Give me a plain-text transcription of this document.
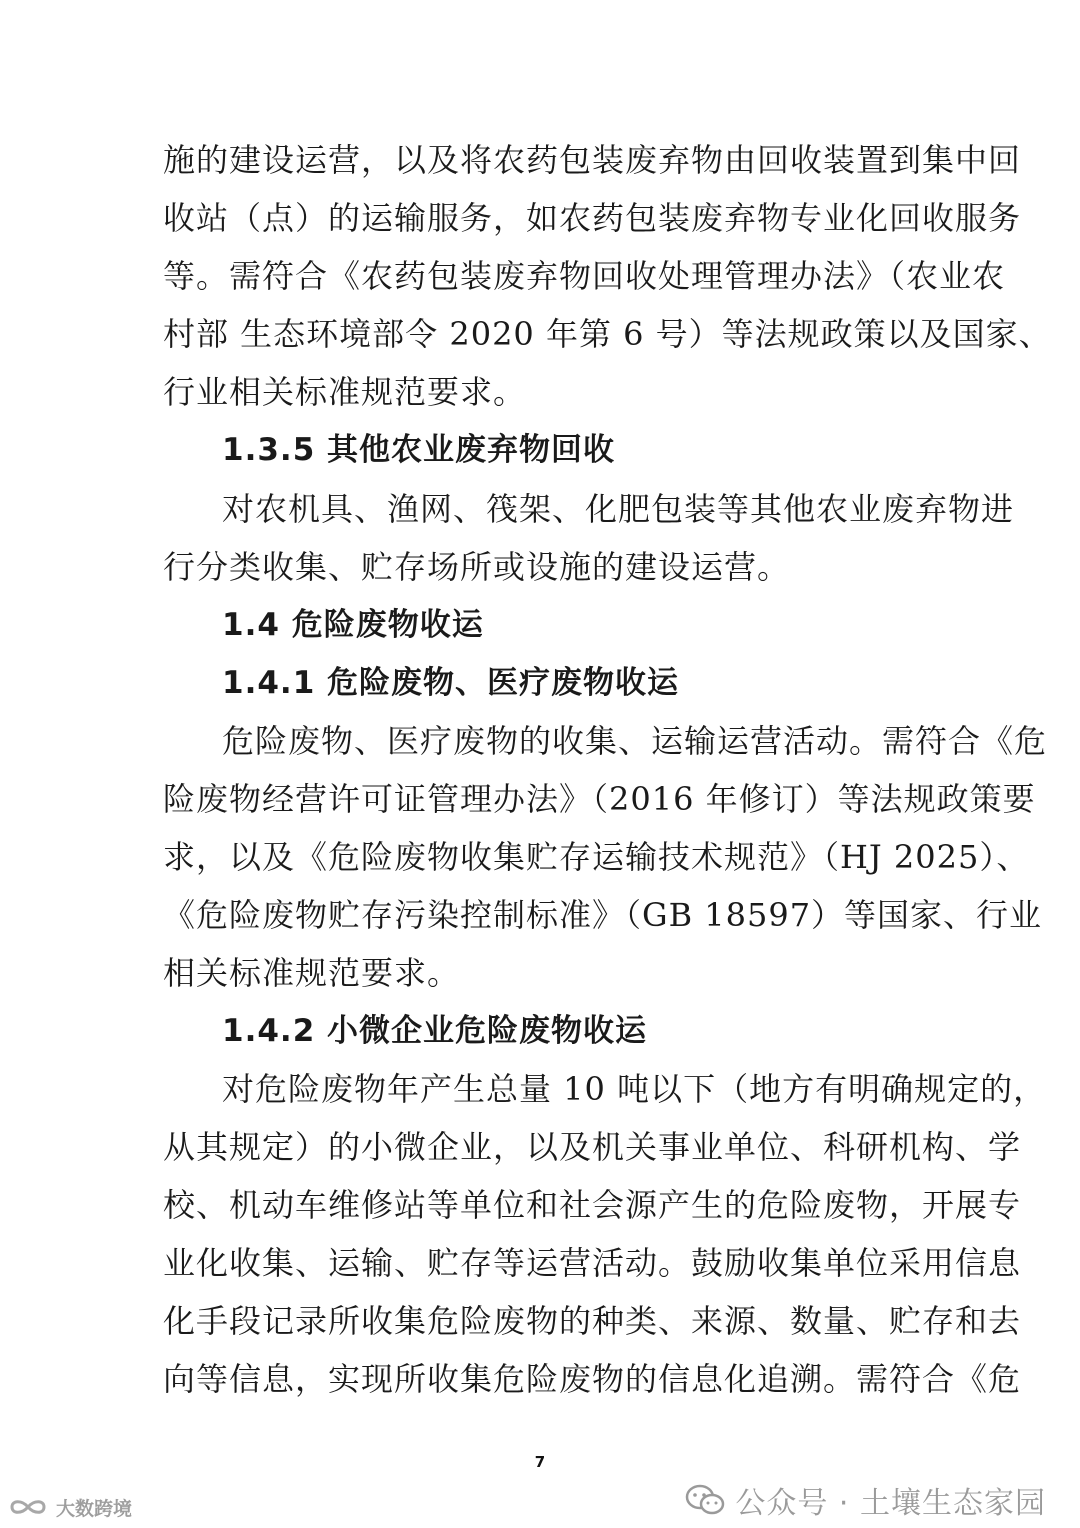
施的建设运营，以及将农药包装废弃物由回收装置到集中回
收站（点）的运输服务，如农药包装废弃物专业化回收服务
等。需符合《农药包装废弃物回收处理管理办法》（农业农
村部 生态环境部令 2020 年第 6 号）等法规政策以及国家、
行业相关标准规范要求。
1.3.5 其他农业废弃物回收
对农机具、渔网、筏架、化肥包装等其他农业废弃物进
行分类收集、贮存场所或设施的建设运营。
1.4 危险废物收运
1.4.1 危险废物、医疗废物收运
危险废物、医疗废物的收集、运输运营活动。需符合《危
险废物经营许可证管理办法》（2016 年修订）等法规政策要
求，以及《危险废物收集贮存运输技术规范》（HJ 2025）、
《危险废物贮存污染控制标准》（GB 18597）等国家、行业
相关标准规范要求。
1.4.2 小微企业危险废物收运
对危险废物年产生总量 10 吨以下（地方有明确规定的，
从其规定）的小微企业，以及机关事业单位、科研机构、学
校、机动车维修站等单位和社会源产生的危险废物，开展专
业化收集、运输、贮存等运营活动。鼓励收集单位采用信息
化手段记录所收集危险废物的种类、来源、数量、贮存和去
向等信息，实现所收集危险废物的信息化追溯。需符合《危
7
大数跨境	公众号 · 土壤生态家园
